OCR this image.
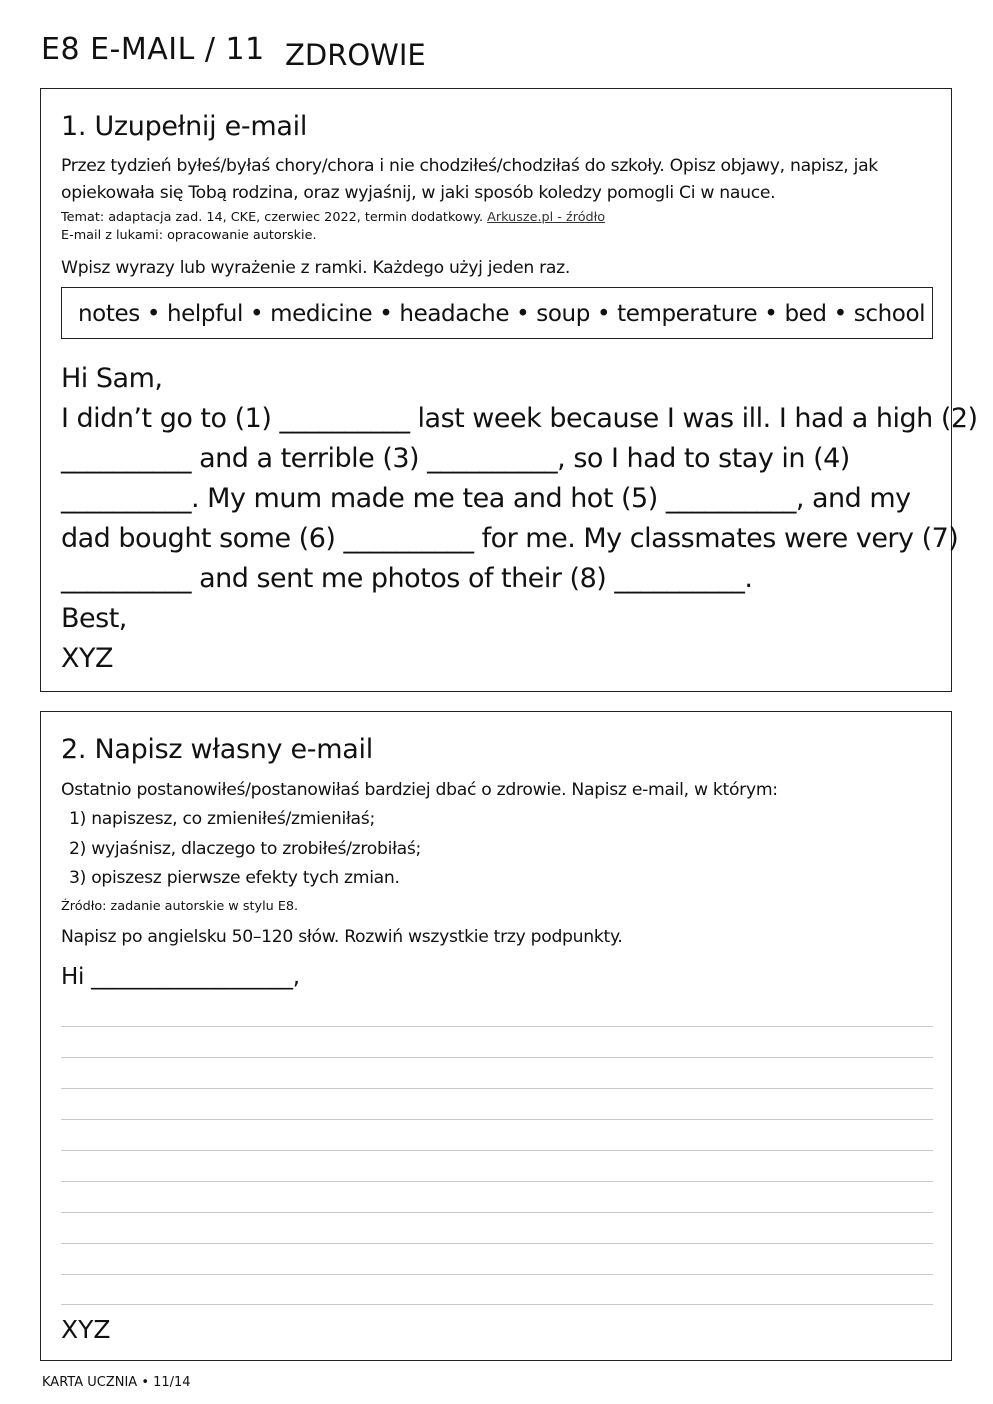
E8 E-MAIL / 11 ZDROWIE
1. Uzupełnij e-mail
Przez tydzień byłeś/byłaś chory/chora i nie chodziłeś/chodziłaś do szkoły. Opisz objawy, napisz, jak opiekowała się Tobą rodzina, oraz wyjaśnij, w jaki sposób koledzy pomogli Ci w nauce.
Temat: adaptacja zad. 14, CKE, czerwiec 2022, termin dodatkowy. Arkusze.pl - źródło
E-mail z lukami: opracowanie autorskie.
Wpisz wyrazy lub wyrażenie z ramki. Każdego użyj jeden raz.
notes • helpful • medicine • headache • soup • temperature • bed • school
Hi Sam,
I didn’t go to (1) __________ last week because I was ill. I had a high (2)
__________ and a terrible (3) __________, so I had to stay in (4)
__________. My mum made me tea and hot (5) __________, and my
dad bought some (6) __________ for me. My classmates were very (7)
__________ and sent me photos of their (8) __________.
Best,
XYZ
2. Napisz własny e-mail
Ostatnio postanowiłeś/postanowiłaś bardziej dbać o zdrowie. Napisz e-mail, w którym:
1) napiszesz, co zmieniłeś/zmieniłaś;
2) wyjaśnisz, dlaczego to zrobiłeś/zrobiłaś;
3) opiszesz pierwsze efekty tych zmian.
Źródło: zadanie autorskie w stylu E8.
Napisz po angielsku 50–120 słów. Rozwiń wszystkie trzy podpunkty.
Hi __________________,
XYZ
KARTA UCZNIA • 11/14
